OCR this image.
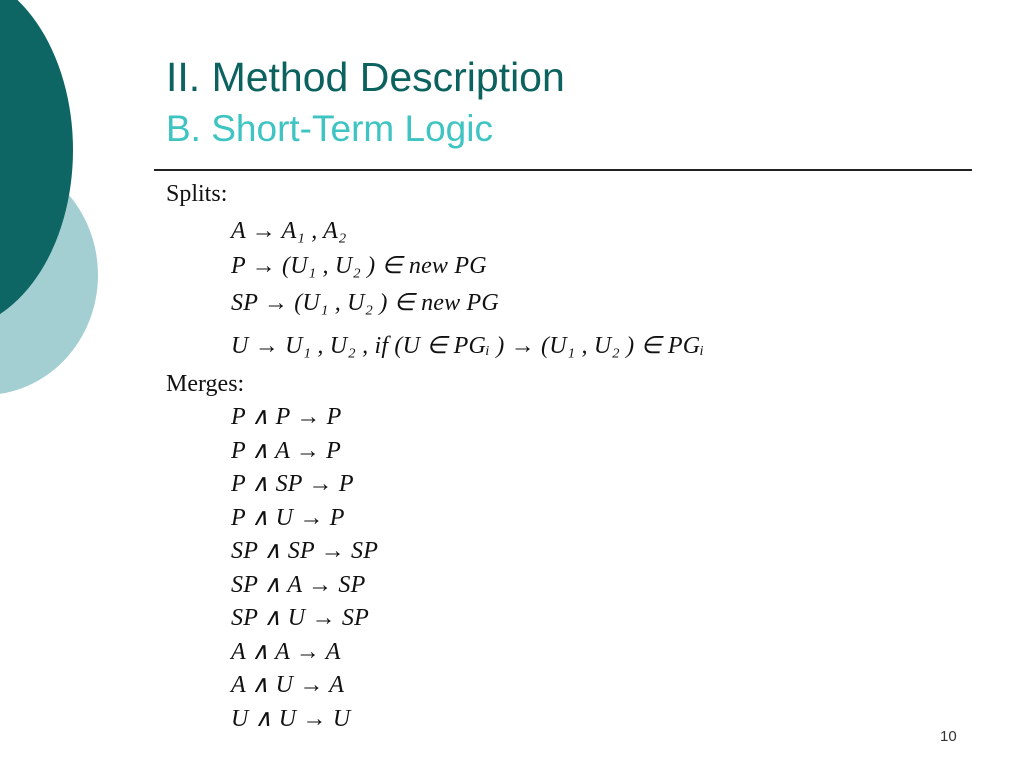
II. Method Description
B. Short-Term Logic
Splits:
A → A₁ , A₂
P → (U₁ , U₂ ) ∈ new PG
SP → (U₁ , U₂ ) ∈ new PG
U → U₁ , U₂ , if (U ∈ PGᵢ ) → (U₁ , U₂ ) ∈ PGᵢ
Merges:
P ∧ P → P
P ∧ A → P
P ∧ SP → P
P ∧ U → P
SP ∧ SP → SP
SP ∧ A → SP
SP ∧ U → SP
A ∧ A → A
A ∧ U → A
U ∧ U → U
10
